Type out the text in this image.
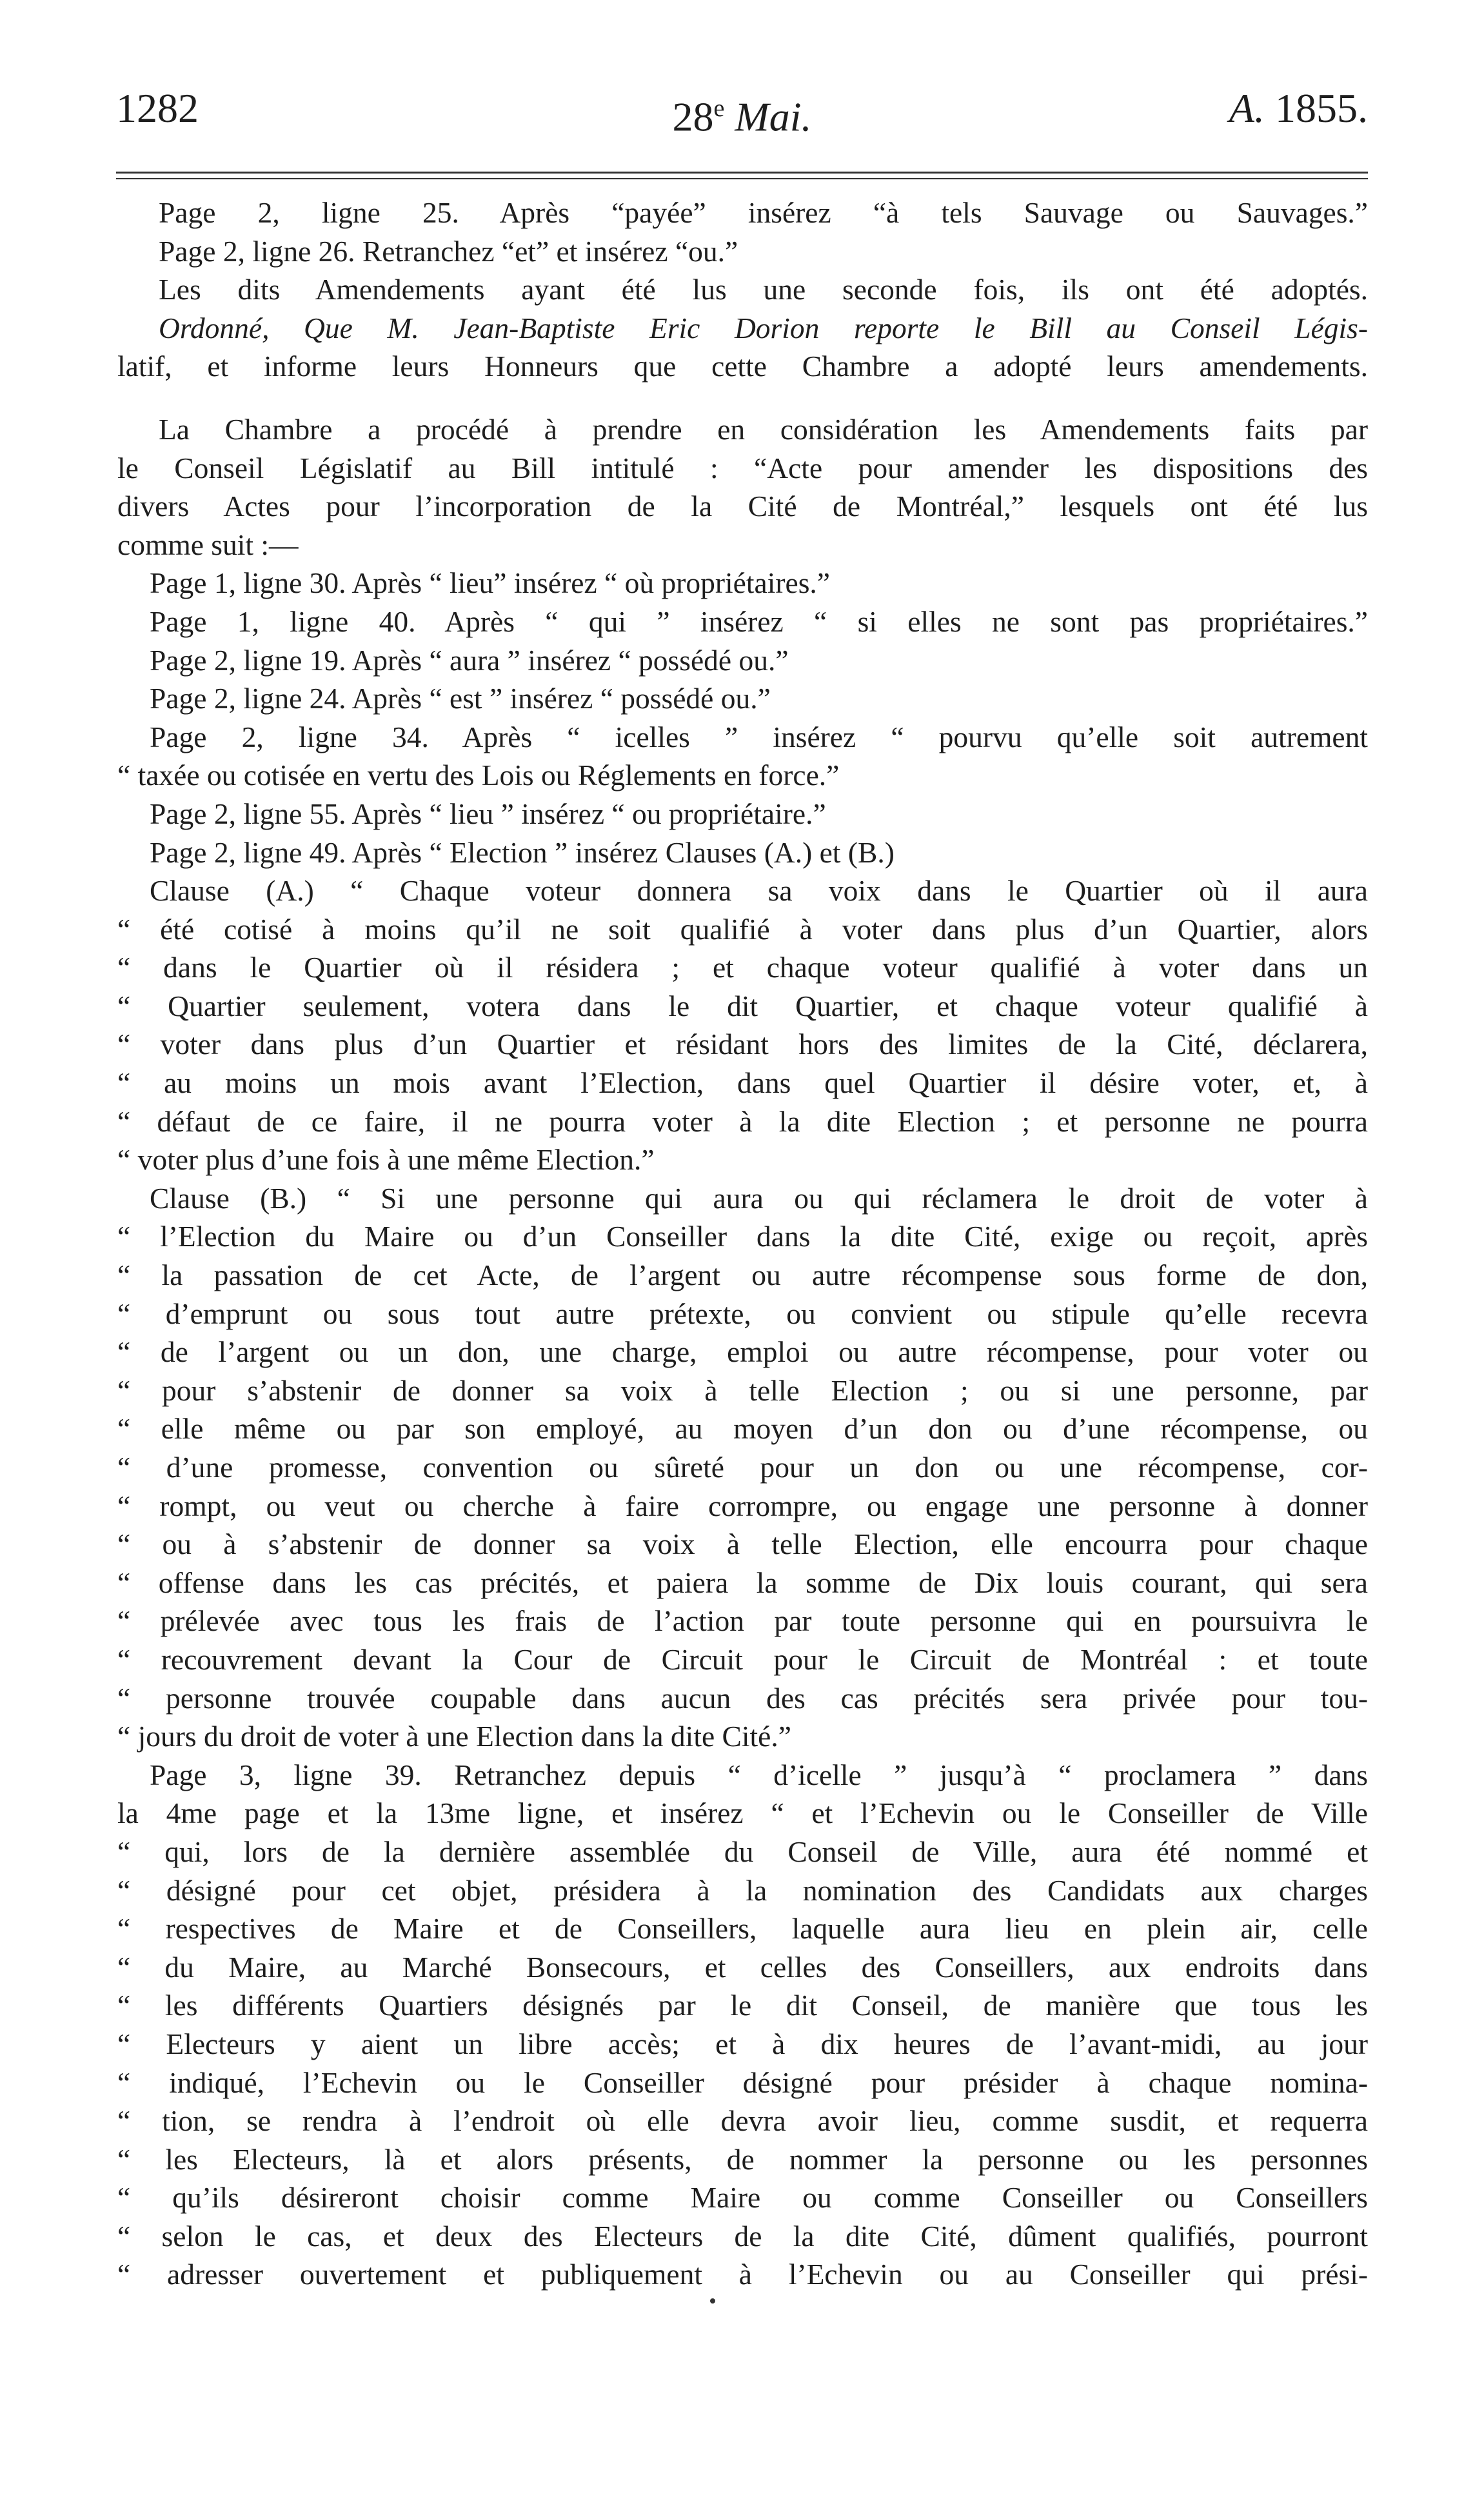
1282	28e Mai.	A. 1855.
Page 2, ligne 25. Après “payée” insérez “à tels Sauvage ou Sauvages.”
Page 2, ligne 26. Retranchez “et” et insérez “ou.”
Les dits Amendements ayant été lus une seconde fois, ils ont été adoptés.
Ordonné, Que M. Jean-Baptiste Eric Dorion reporte le Bill au Conseil Légis-
latif, et informe leurs Honneurs que cette Chambre a adopté leurs amendements.
La Chambre a procédé à prendre en considération les Amendements faits par
le Conseil Législatif au Bill intitulé : “Acte pour amender les dispositions des
divers Actes pour l’incorporation de la Cité de Montréal,” lesquels ont été lus
comme suit :—
Page 1, ligne 30. Après “ lieu” insérez “ où propriétaires.”
Page 1, ligne 40. Après “ qui ” insérez “ si elles ne sont pas propriétaires.”
Page 2, ligne 19. Après “ aura ” insérez “ possédé ou.”
Page 2, ligne 24. Après “ est ” insérez “ possédé ou.”
Page 2, ligne 34. Après “ icelles ” insérez “ pourvu qu’elle soit autrement
“ taxée ou cotisée en vertu des Lois ou Réglements en force.”
Page 2, ligne 55. Après “ lieu ” insérez “ ou propriétaire.”
Page 2, ligne 49. Après “ Election ” insérez Clauses (A.) et (B.)
Clause (A.) “ Chaque voteur donnera sa voix dans le Quartier où il aura
“ été cotisé à moins qu’il ne soit qualifié à voter dans plus d’un Quartier, alors
“ dans le Quartier où il résidera ; et chaque voteur qualifié à voter dans un
“ Quartier seulement, votera dans le dit Quartier, et chaque voteur qualifié à
“ voter dans plus d’un Quartier et résidant hors des limites de la Cité, déclarera,
“ au moins un mois avant l’Election, dans quel Quartier il désire voter, et, à
“ défaut de ce faire, il ne pourra voter à la dite Election ; et personne ne pourra
“ voter plus d’une fois à une même Election.”
Clause (B.) “ Si une personne qui aura ou qui réclamera le droit de voter à
“ l’Election du Maire ou d’un Conseiller dans la dite Cité, exige ou reçoit, après
“ la passation de cet Acte, de l’argent ou autre récompense sous forme de don,
“ d’emprunt ou sous tout autre prétexte, ou convient ou stipule qu’elle recevra
“ de l’argent ou un don, une charge, emploi ou autre récompense, pour voter ou
“ pour s’abstenir de donner sa voix à telle Election ; ou si une personne, par
“ elle même ou par son employé, au moyen d’un don ou d’une récompense, ou
“ d’une promesse, convention ou sûreté pour un don ou une récompense, cor-
“ rompt, ou veut ou cherche à faire corrompre, ou engage une personne à donner
“ ou à s’abstenir de donner sa voix à telle Election, elle encourra pour chaque
“ offense dans les cas précités, et paiera la somme de Dix louis courant, qui sera
“ prélevée avec tous les frais de l’action par toute personne qui en poursuivra le
“ recouvrement devant la Cour de Circuit pour le Circuit de Montréal : et toute
“ personne trouvée coupable dans aucun des cas précités sera privée pour tou-
“ jours du droit de voter à une Election dans la dite Cité.”
Page 3, ligne 39. Retranchez depuis “ d’icelle ” jusqu’à “ proclamera ” dans
la 4me page et la 13me ligne, et insérez “ et l’Echevin ou le Conseiller de Ville
“ qui, lors de la dernière assemblée du Conseil de Ville, aura été nommé et
“ désigné pour cet objet, présidera à la nomination des Candidats aux charges
“ respectives de Maire et de Conseillers, laquelle aura lieu en plein air, celle
“ du Maire, au Marché Bonsecours, et celles des Conseillers, aux endroits dans
“ les différents Quartiers désignés par le dit Conseil, de manière que tous les
“ Electeurs y aient un libre accès; et à dix heures de l’avant-midi, au jour
“ indiqué, l’Echevin ou le Conseiller désigné pour présider à chaque nomina-
“ tion, se rendra à l’endroit où elle devra avoir lieu, comme susdit, et requerra
“ les Electeurs, là et alors présents, de nommer la personne ou les personnes
“ qu’ils désireront choisir comme Maire ou comme Conseiller ou Conseillers
“ selon le cas, et deux des Electeurs de la dite Cité, dûment qualifiés, pourront
“ adresser ouvertement et publiquement à l’Echevin ou au Conseiller qui prési-
